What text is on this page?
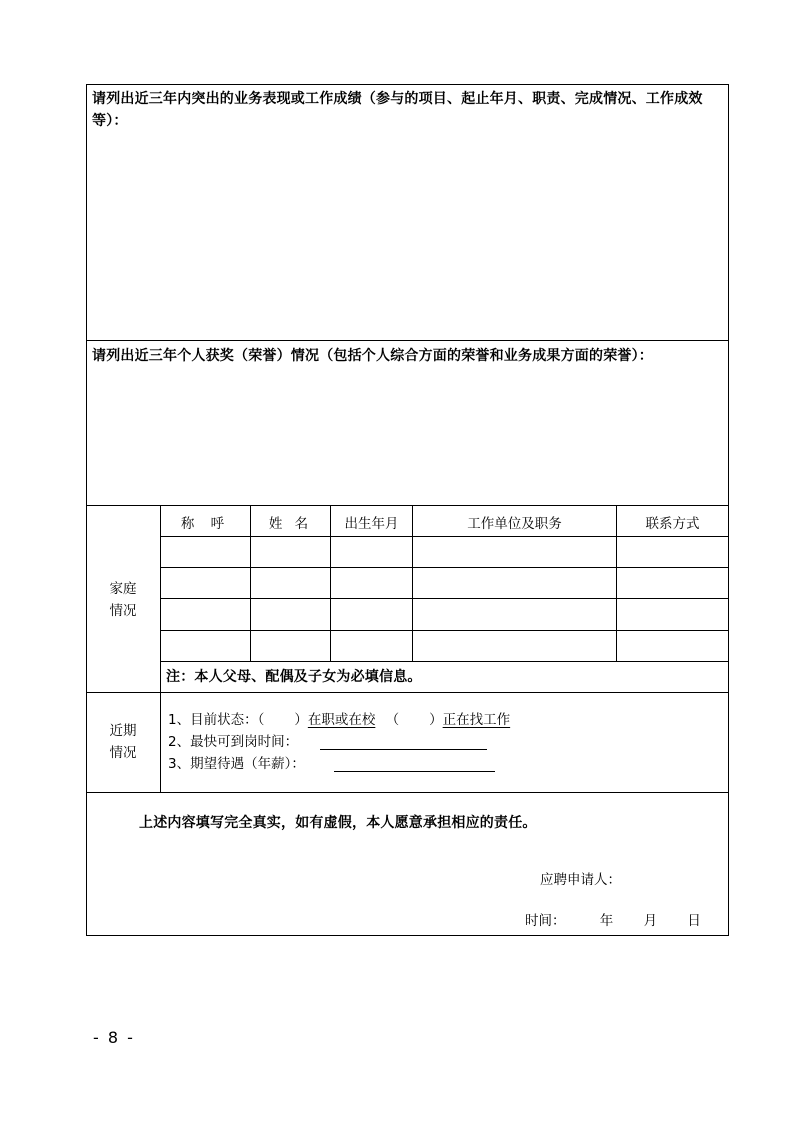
请列出近三年内突出的业务表现或工作成绩（参与的项目、起止年月、职责、完成情况、工作成效等）：
请列出近三年个人获奖（荣誉）情况（包括个人综合方面的荣誉和业务成果方面的荣誉）：
家庭情况
称 呼	姓 名	出生年月	工作单位及职务	联系方式
注：本人父母、配偶及子女为必填信息。
近期情况
1、目前状态：（ ）在职或在校 （ ）正在找工作
2、最快可到岗时间：
3、期望待遇（年薪）：
上述内容填写完全真实，如有虚假，本人愿意承担相应的责任。
应聘申请人：
时间：	年 月 日
- 8 -
